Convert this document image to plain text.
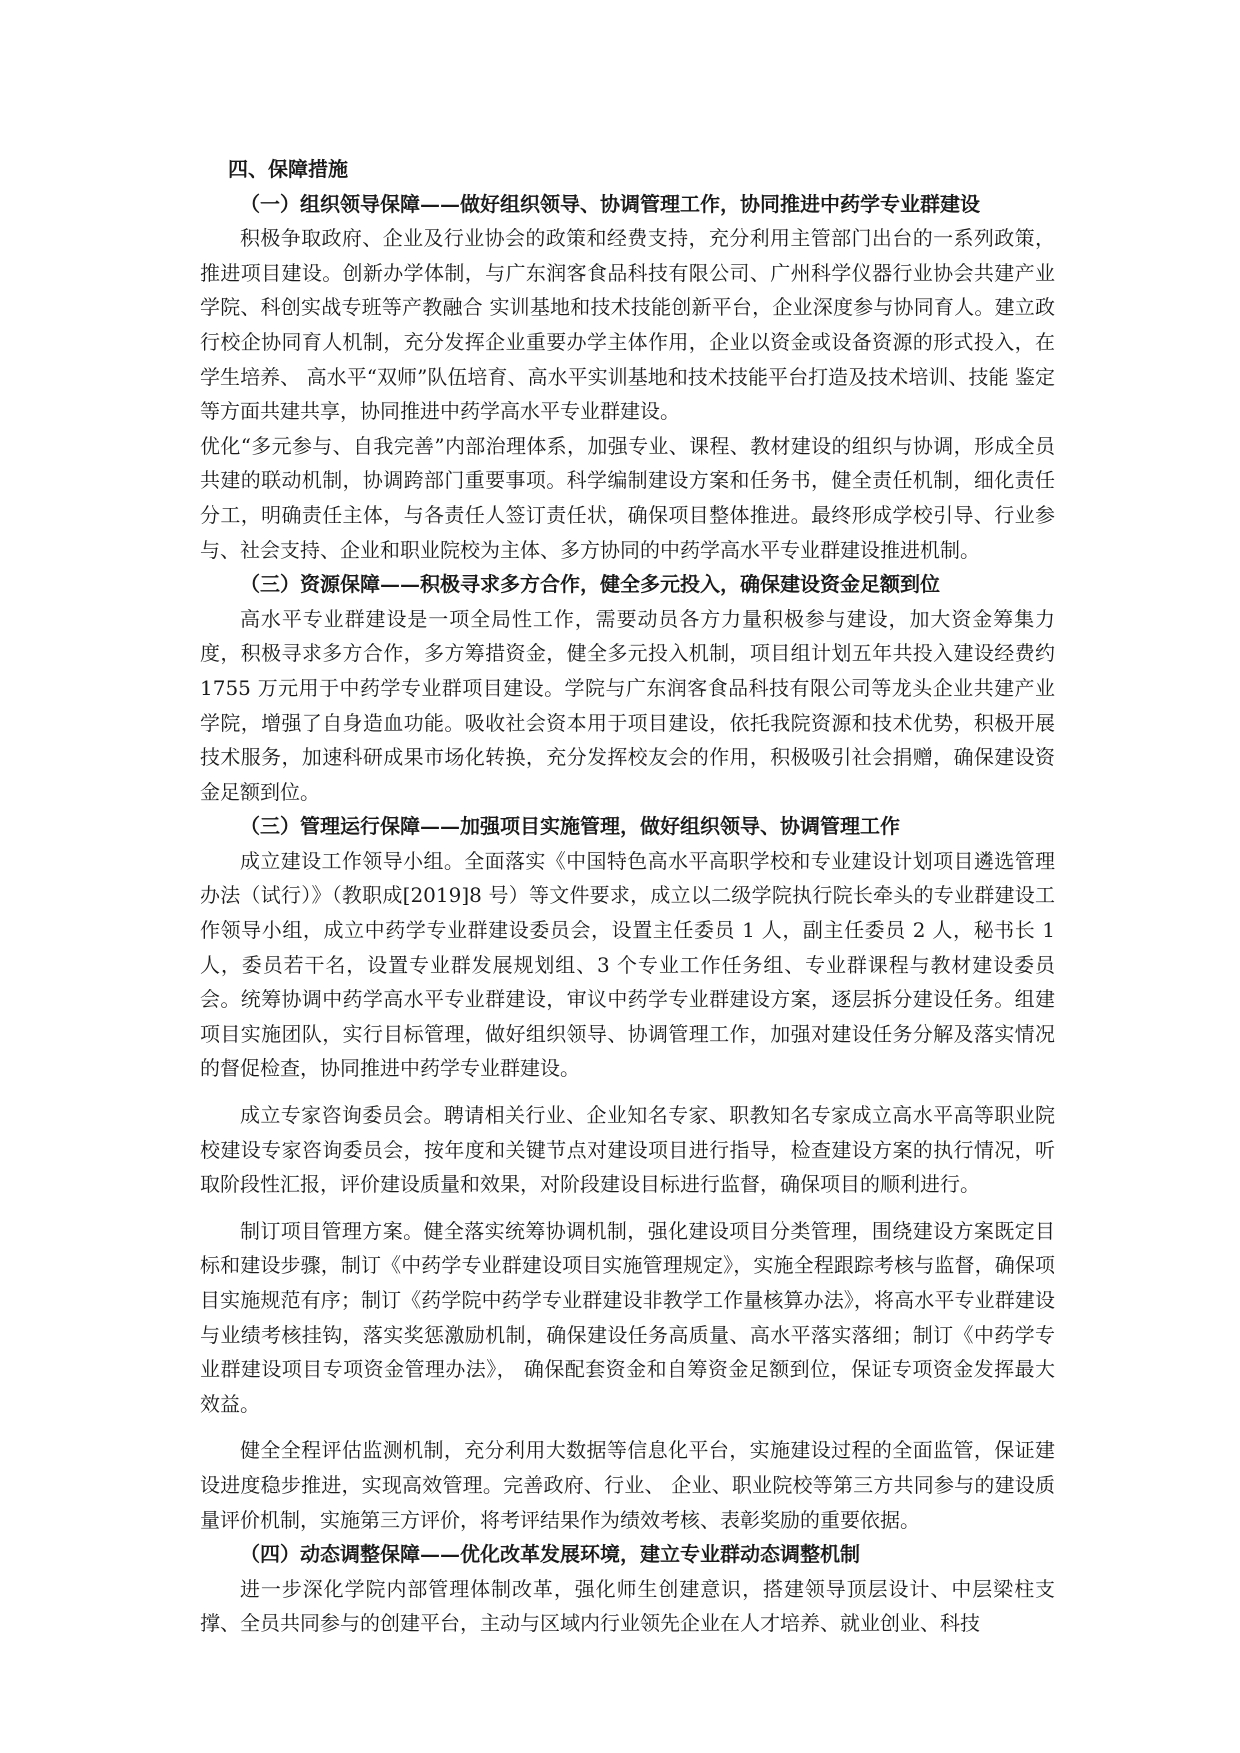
四、保障措施

（一）组织领导保障——做好组织领导、协调管理工作，协同推进中药学专业群建设

积极争取政府、企业及行业协会的政策和经费支持，充分利用主管部门出台的一系列政策，推进项目建设。创新办学体制，与广东润客食品科技有限公司、广州科学仪器行业协会共建产业学院、科创实战专班等产教融合 实训基地和技术技能创新平台，企业深度参与协同育人。建立政行校企协同育人机制，充分发挥企业重要办学主体作用，企业以资金或设备资源的形式投入，在学生培养、 高水平“双师”队伍培育、高水平实训基地和技术技能平台打造及技术培训、技能 鉴定等方面共建共享，协同推进中药学高水平专业群建设。

优化“多元参与、自我完善”内部治理体系，加强专业、课程、教材建设的组织与协调，形成全员共建的联动机制，协调跨部门重要事项。科学编制建设方案和任务书，健全责任机制，细化责任分工，明确责任主体，与各责任人签订责任状，确保项目整体推进。最终形成学校引导、行业参与、社会支持、企业和职业院校为主体、多方协同的中药学高水平专业群建设推进机制。

（三）资源保障——积极寻求多方合作，健全多元投入，确保建设资金足额到位

高水平专业群建设是一项全局性工作，需要动员各方力量积极参与建设，加大资金筹集力度，积极寻求多方合作，多方筹措资金，健全多元投入机制，项目组计划五年共投入建设经费约 1755 万元用于中药学专业群项目建设。学院与广东润客食品科技有限公司等龙头企业共建产业学院，增强了自身造血功能。吸收社会资本用于项目建设，依托我院资源和技术优势，积极开展技术服务，加速科研成果市场化转换，充分发挥校友会的作用，积极吸引社会捐赠，确保建设资金足额到位。

（三）管理运行保障——加强项目实施管理，做好组织领导、协调管理工作

成立建设工作领导小组。全面落实《中国特色高水平高职学校和专业建设计划项目遴选管理办法（试行）》（教职成[2019]8 号）等文件要求，成立以二级学院执行院长牵头的专业群建设工作领导小组，成立中药学专业群建设委员会，设置主任委员 1 人，副主任委员 2 人，秘书长 1 人，委员若干名，设置专业群发展规划组、3 个专业工作任务组、专业群课程与教材建设委员会。统筹协调中药学高水平专业群建设，审议中药学专业群建设方案，逐层拆分建设任务。组建项目实施团队，实行目标管理，做好组织领导、协调管理工作，加强对建设任务分解及落实情况的督促检查，协同推进中药学专业群建设。

成立专家咨询委员会。聘请相关行业、企业知名专家、职教知名专家成立高水平高等职业院校建设专家咨询委员会，按年度和关键节点对建设项目进行指导，检查建设方案的执行情况，听取阶段性汇报，评价建设质量和效果，对阶段建设目标进行监督，确保项目的顺利进行。

制订项目管理方案。健全落实统筹协调机制，强化建设项目分类管理，围绕建设方案既定目标和建设步骤，制订《中药学专业群建设项目实施管理规定》，实施全程跟踪考核与监督，确保项目实施规范有序；制订《药学院中药学专业群建设非教学工作量核算办法》，将高水平专业群建设与业绩考核挂钩，落实奖惩激励机制，确保建设任务高质量、高水平落实落细；制订《中药学专业群建设项目专项资金管理办法》， 确保配套资金和自筹资金足额到位，保证专项资金发挥最大效益。

健全全程评估监测机制，充分利用大数据等信息化平台，实施建设过程的全面监管，保证建设进度稳步推进，实现高效管理。完善政府、行业、 企业、职业院校等第三方共同参与的建设质量评价机制，实施第三方评价，将考评结果作为绩效考核、表彰奖励的重要依据。

（四）动态调整保障——优化改革发展环境，建立专业群动态调整机制

进一步深化学院内部管理体制改革，强化师生创建意识，搭建领导顶层设计、中层梁柱支撑、全员共同参与的创建平台，主动与区域内行业领先企业在人才培养、就业创业、科技
